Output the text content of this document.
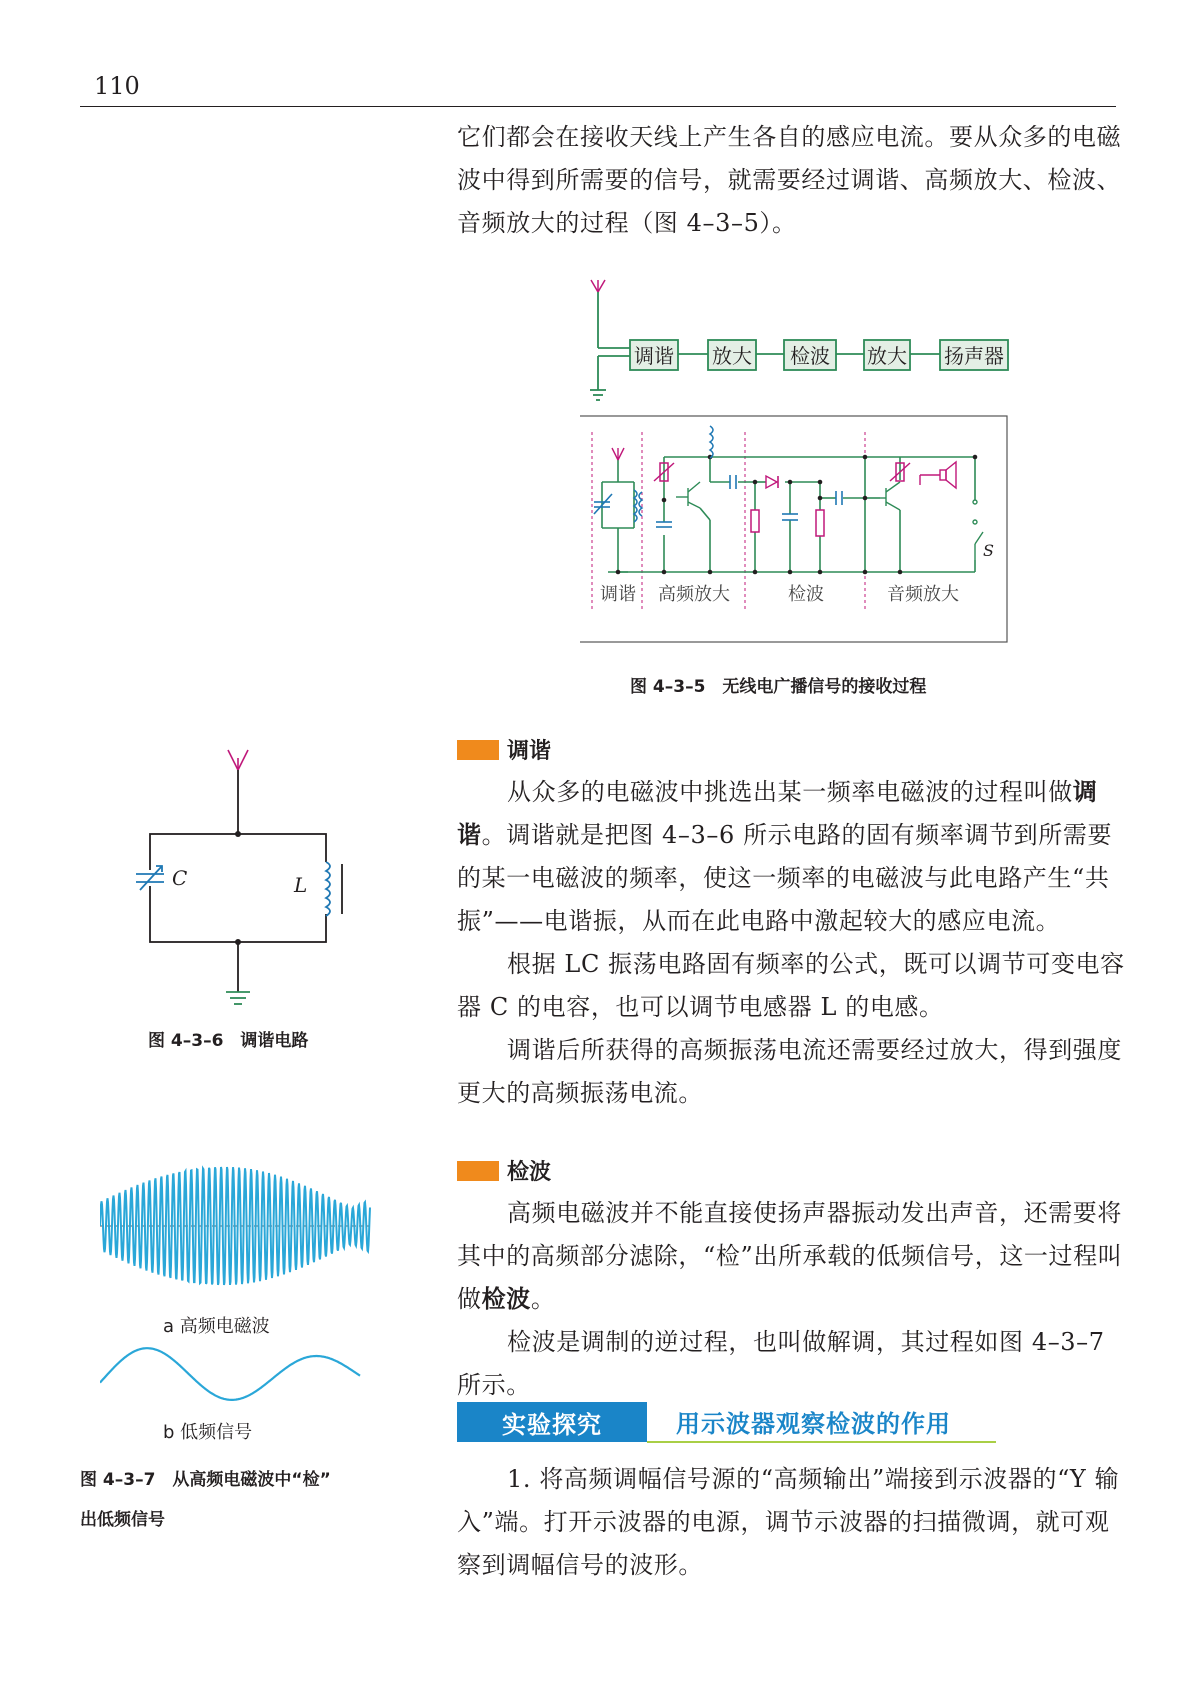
110

它们都会在接收天线上产生各自的感应电流。要从众多的电磁波中得到所需要的信号，就需要经过调谐、高频放大、检波、音频放大的过程（图 4–3–5）。

调谐 放大 检波 放大 扬声器
S
调谐 高频放大	检波	音频放大
图 4–3–5　无线电广播信号的接收过程
调谐

从众多的电磁波中挑选出某一频率电磁波的过程叫做调谐。调谐就是把图 4–3–6 所示电路的固有频率调节到所需要的某一电磁波的频率，使这一频率的电磁波与此电路产生“共振”——电谐振，从而在此电路中激起较大的感应电流。

根据 LC 振荡电路固有频率的公式，既可以调节可变电容器 C 的电容，也可以调节电感器 L 的电感。

调谐后所获得的高频振荡电流还需要经过放大，得到强度更大的高频振荡电流。

C	L
图 4–3–6　调谐电路
检波

高频电磁波并不能直接使扬声器振动发出声音，还需要将其中的高频部分滤除，“检”出所承载的低频信号，这一过程叫做检波。

检波是调制的逆过程，也叫做解调，其过程如图 4–3–7 所示。

a 高频电磁波
b 低频信号
图 4–3–7　从高频电磁波中“检”
出低频信号
实验探究	用示波器观察检波的作用

1. 将高频调幅信号源的“高频输出”端接到示波器的“Y 输入”端。打开示波器的电源，调节示波器的扫描微调，就可观察到调幅信号的波形。
